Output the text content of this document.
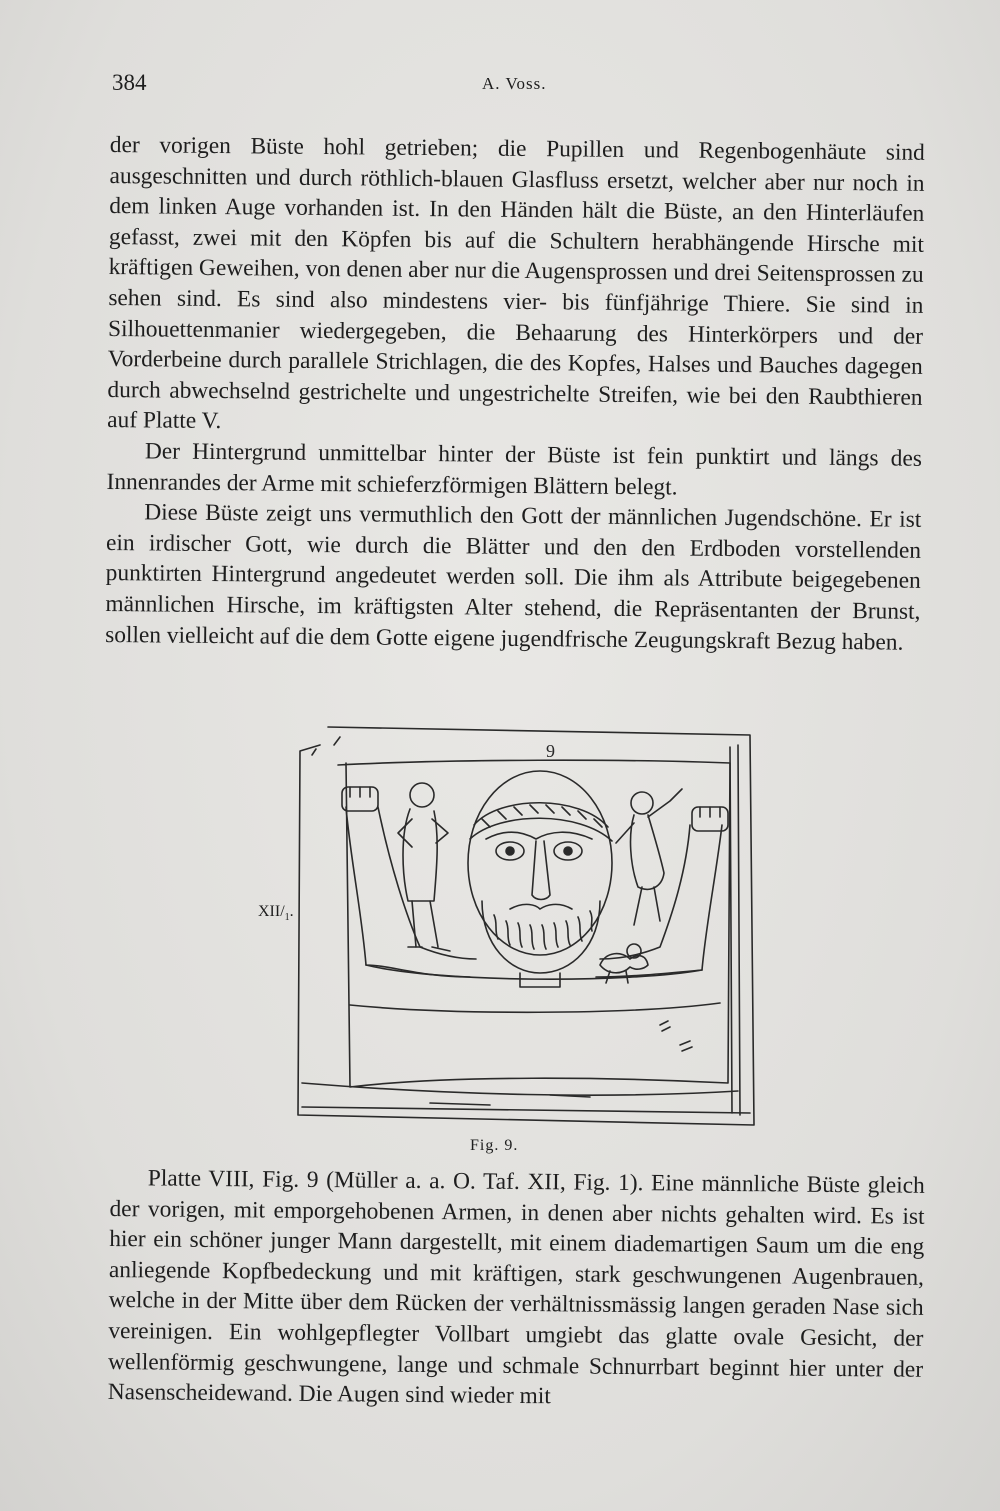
384	A. Voss.

der vorigen Büste hohl getrieben; die Pupillen und Regenbogenhäute sind ausgeschnitten und durch röthlich-blauen Glasfluss ersetzt, welcher aber nur noch in dem linken Auge vorhanden ist. In den Händen hält die Büste, an den Hinterläufen gefasst, zwei mit den Köpfen bis auf die Schultern herabhängende Hirsche mit kräftigen Geweihen, von denen aber nur die Augensprossen und drei Seitensprossen zu sehen sind. Es sind also mindestens vier- bis fünfjährige Thiere. Sie sind in Silhouettenmanier wiedergegeben, die Behaarung des Hinterkörpers und der Vorderbeine durch parallele Strichlagen, die des Kopfes, Halses und Bauches dagegen durch abwechselnd gestrichelte und ungestrichelte Streifen, wie bei den Raubthieren auf Platte V.

Der Hintergrund unmittelbar hinter der Büste ist fein punktirt und längs des Innenrandes der Arme mit schieferzförmigen Blättern belegt.

Diese Büste zeigt uns vermuthlich den Gott der männlichen Jugendschöne. Er ist ein irdischer Gott, wie durch die Blätter und den den Erdboden vorstellenden punktirten Hintergrund angedeutet werden soll. Die ihm als Attribute beigegebenen männlichen Hirsche, im kräftigsten Alter stehend, die Repräsentanten der Brunst, sollen vielleicht auf die dem Gotte eigene jugendfrische Zeugungskraft Bezug haben.

XII/$_1$.
9
Fig. 9.

Platte VIII, Fig. 9 (Müller a. a. O. Taf. XII, Fig. 1). Eine männliche Büste gleich der vorigen, mit emporgehobenen Armen, in denen aber nichts gehalten wird. Es ist hier ein schöner junger Mann dargestellt, mit einem diademartigen Saum um die eng anliegende Kopfbedeckung und mit kräftigen, stark geschwungenen Augenbrauen, welche in der Mitte über dem Rücken der verhältnissmässig langen geraden Nase sich vereinigen. Ein wohlgepflegter Vollbart umgiebt das glatte ovale Gesicht, der wellenförmig geschwungene, lange und schmale Schnurrbart beginnt hier unter der Nasenscheidewand. Die Augen sind wieder mit
